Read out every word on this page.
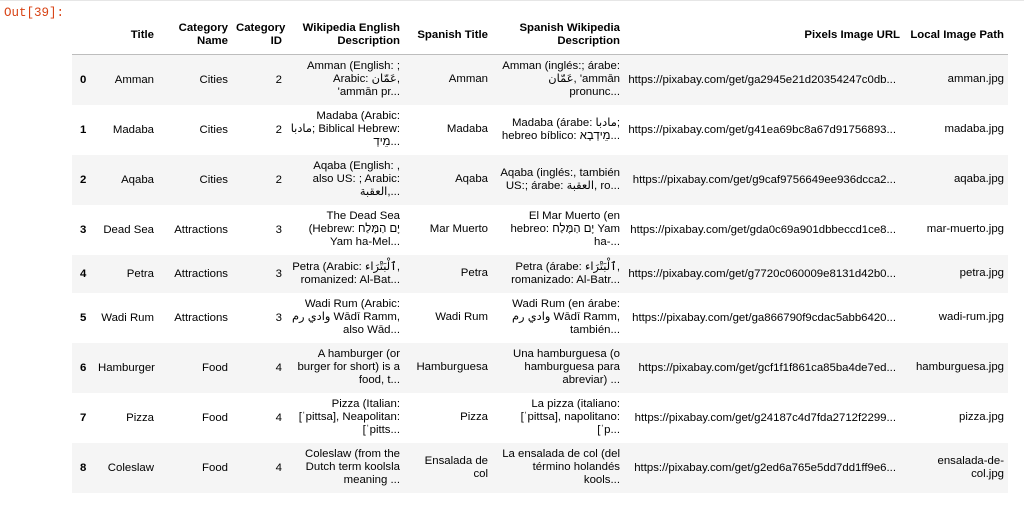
Out[39]:
	Title	Category Name	Category ID	Wikipedia English Description	Spanish Title	Spanish Wikipedia Description	Pixels Image URL	Local Image Path
0	Amman	Cities	2	Amman (English: ; Arabic: عَمّان, 'ammān pr...	Amman	Amman (inglés:; árabe: عَمّان, 'ammān pronunc...	https://pixabay.com/get/ga2945e21d20354247c0db...	amman.jpg
1	Madaba	Cities	2	Madaba (Arabic: مادبا; Biblical Hebrew: מֵידְ...	Madaba	Madaba (árabe: مادبا; hebreo bíblico: מֵידְבָא...	https://pixabay.com/get/g41ea69bc8a67d91756893...	madaba.jpg
2	Aqaba	Cities	2	Aqaba (English: , also US: ; Arabic: العقبة,...	Aqaba	Aqaba (inglés:, también US:; árabe: العقبة, ro...	https://pixabay.com/get/g9caf9756649ee936dcca2...	aqaba.jpg
3	Dead Sea	Attractions	3	The Dead Sea (Hebrew: יָם הַמֶּלַח Yam ha-Mel...	Mar Muerto	El Mar Muerto (en hebreo: יָם הַמֶּלַח Yam ha-...	https://pixabay.com/get/gda0c69a901dbbeccd1ce8...	mar-muerto.jpg
4	Petra	Attractions	3	Petra (Arabic: ٱلْبَتْرَاء, romanized: Al-Bat...	Petra	Petra (árabe: ٱلْبَتْرَاء, romanizado: Al-Batr...	https://pixabay.com/get/g7720c060009e8131d42b0...	petra.jpg
5	Wadi Rum	Attractions	3	Wadi Rum (Arabic: وادي رم Wādī Ramm, also Wād...	Wadi Rum	Wadi Rum (en árabe: وادي رم Wādī Ramm, también...	https://pixabay.com/get/ga866790f9cdac5abb6420...	wadi-rum.jpg
6	Hamburger	Food	4	A hamburger (or burger for short) is a food, t...	Hamburguesa	Una hamburguesa (o hamburguesa para abreviar) ...	https://pixabay.com/get/gcf1f1f861ca85ba4de7ed...	hamburguesa.jpg
7	Pizza	Food	4	Pizza (Italian: [ˈpittsa], Neapolitan: [ˈpitts...	Pizza	La pizza (italiano: [ˈpittsa], napolitano: [ˈp...	https://pixabay.com/get/g24187c4d7fda2712f2299...	pizza.jpg
8	Coleslaw	Food	4	Coleslaw (from the Dutch term koolsla meaning ...	Ensalada de col	La ensalada de col (del término holandés kools...	https://pixabay.com/get/g2ed6a765e5dd7dd1ff9e6...	ensalada-de-col.jpg
